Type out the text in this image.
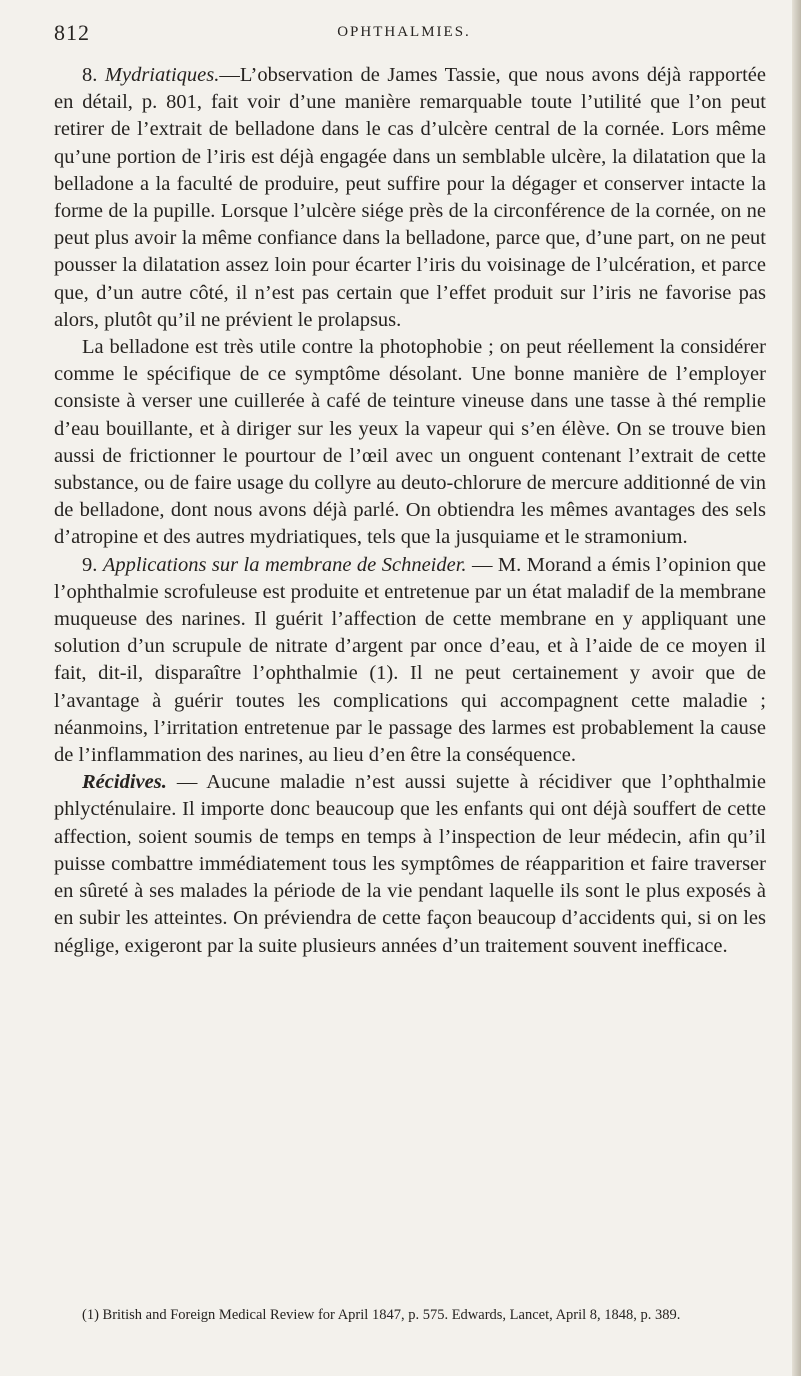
812	OPHTHALMIES.

8. Mydriatiques.—L’observation de James Tassie, que nous avons déjà rapportée en détail, p. 801, fait voir d’une manière remarquable toute l’utilité que l’on peut retirer de l’extrait de belladone dans le cas d’ulcère central de la cornée. Lors même qu’une portion de l’iris est déjà engagée dans un semblable ulcère, la dilatation que la belladone a la faculté de produire, peut suffire pour la dégager et conserver intacte la forme de la pupille. Lorsque l’ulcère siége près de la circonférence de la cornée, on ne peut plus avoir la même confiance dans la belladone, parce que, d’une part, on ne peut pousser la dilatation assez loin pour écarter l’iris du voisinage de l’ulcération, et parce que, d’un autre côté, il n’est pas certain que l’effet produit sur l’iris ne favorise pas alors, plutôt qu’il ne prévient le prolapsus.

La belladone est très utile contre la photophobie ; on peut réellement la considérer comme le spécifique de ce symptôme désolant. Une bonne manière de l’employer consiste à verser une cuillerée à café de teinture vineuse dans une tasse à thé remplie d’eau bouillante, et à diriger sur les yeux la vapeur qui s’en élève. On se trouve bien aussi de frictionner le pourtour de l’œil avec un onguent contenant l’extrait de cette substance, ou de faire usage du collyre au deuto-chlorure de mercure additionné de vin de belladone, dont nous avons déjà parlé. On obtiendra les mêmes avantages des sels d’atropine et des autres mydriatiques, tels que la jusquiame et le stramonium.

9. Applications sur la membrane de Schneider. — M. Morand a émis l’opinion que l’ophthalmie scrofuleuse est produite et entretenue par un état maladif de la membrane muqueuse des narines. Il guérit l’affection de cette membrane en y appliquant une solution d’un scrupule de nitrate d’argent par once d’eau, et à l’aide de ce moyen il fait, dit-il, disparaître l’ophthalmie (1). Il ne peut certainement y avoir que de l’avantage à guérir toutes les complications qui accompagnent cette maladie ; néanmoins, l’irritation entretenue par le passage des larmes est probablement la cause de l’inflammation des narines, au lieu d’en être la conséquence.

Récidives. — Aucune maladie n’est aussi sujette à récidiver que l’ophthalmie phlycténulaire. Il importe donc beaucoup que les enfants qui ont déjà souffert de cette affection, soient soumis de temps en temps à l’inspection de leur médecin, afin qu’il puisse combattre immédiatement tous les symptômes de réapparition et faire traverser en sûreté à ses malades la période de la vie pendant laquelle ils sont le plus exposés à en subir les atteintes. On préviendra de cette façon beaucoup d’accidents qui, si on les néglige, exigeront par la suite plusieurs années d’un traitement souvent inefficace.

(1) British and Foreign Medical Review for April 1847, p. 575. Edwards, Lancet, April 8, 1848, p. 389.
